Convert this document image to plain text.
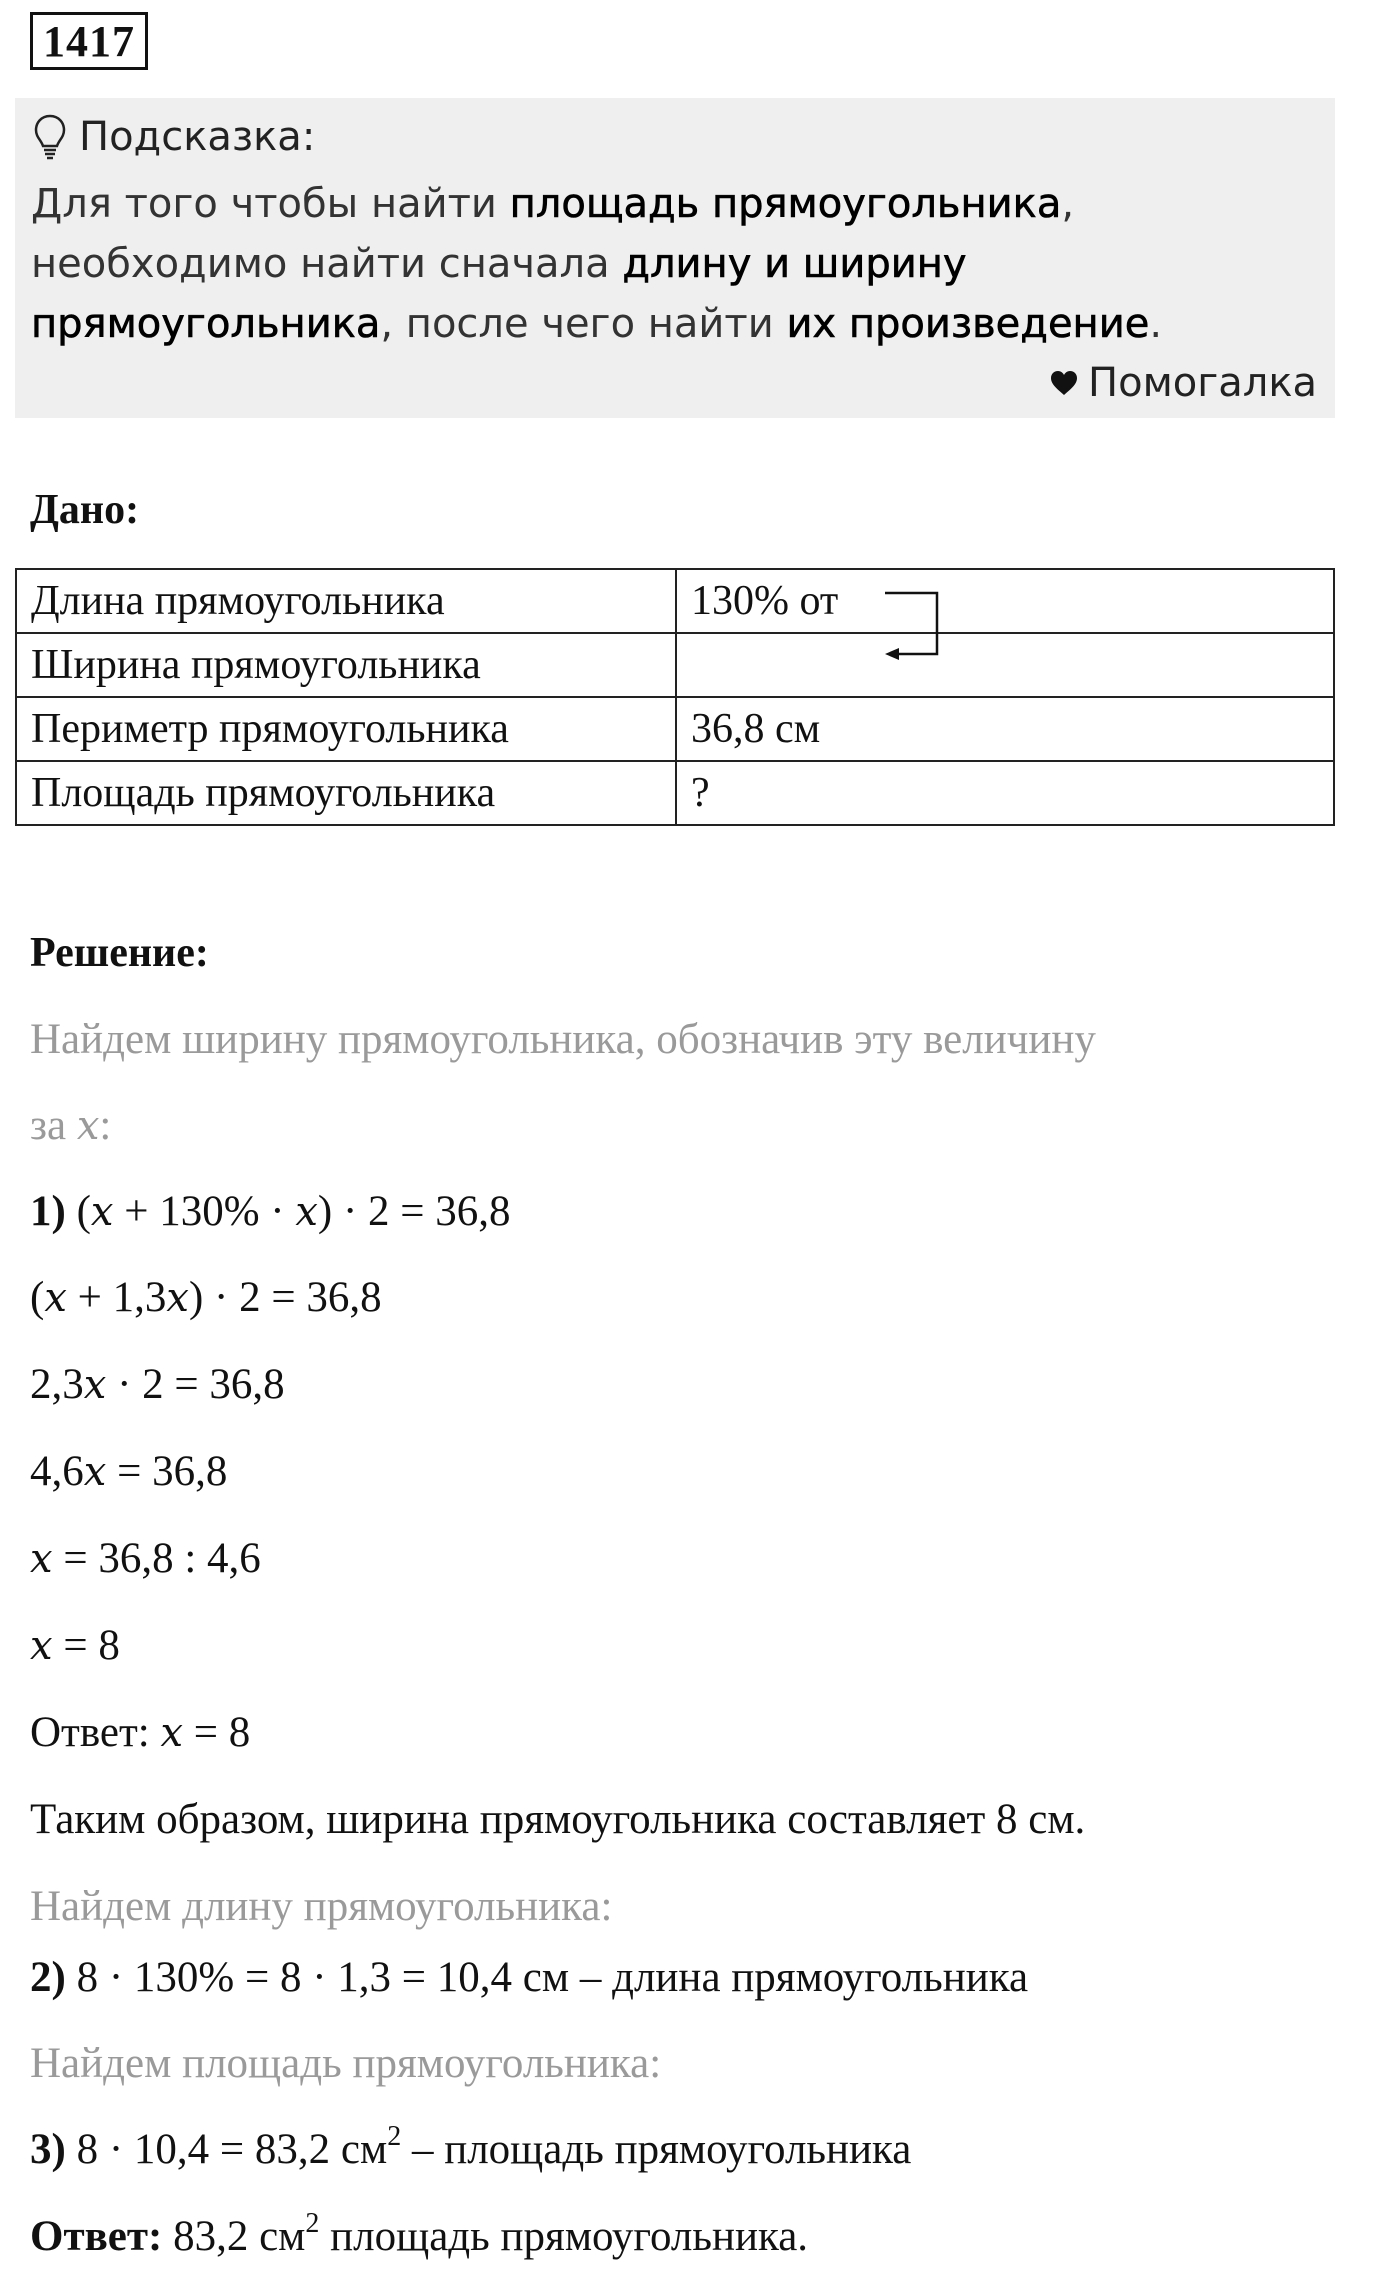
1417
Подсказка:
Для того чтобы найти площадь прямоугольника, необходимо найти сначала длину и ширину прямоугольника, после чего найти их произведение.
Помогалка
Дано:
Длина прямоугольника	130% от
Ширина прямоугольника	
Периметр прямоугольника	36,8 см
Площадь прямоугольника	?
Решение:
Найдем ширину прямоугольника, обозначив эту величину
за x:
1) (x + 130% · x) · 2 = 36,8
(x + 1,3x) · 2 = 36,8
2,3x · 2 = 36,8
4,6x = 36,8
x = 36,8 : 4,6
x = 8
Ответ: x = 8
Таким образом, ширина прямоугольника составляет 8 см.
Найдем длину прямоугольника:
2) 8 · 130% = 8 · 1,3 = 10,4 см – длина прямоугольника
Найдем площадь прямоугольника:
3) 8 · 10,4 = 83,2 $см^2$ – площадь прямоугольника
Ответ: 83,2 $см^2$ площадь прямоугольника.
